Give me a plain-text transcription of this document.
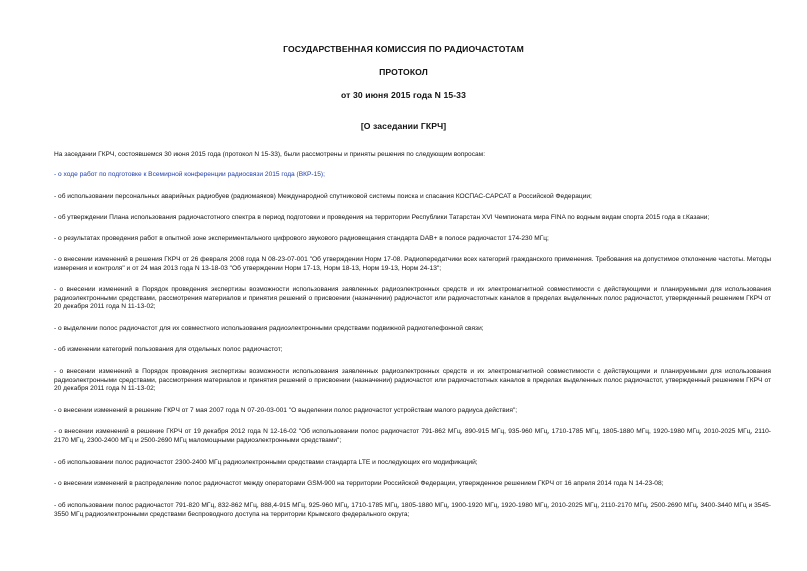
ГОСУДАРСТВЕННАЯ КОМИССИЯ ПО РАДИОЧАСТОТАМ
ПРОТОКОЛ
от 30 июня 2015 года N 15-33
[О заседании ГКРЧ]

На заседании ГКРЧ, состоявшемся 30 июня 2015 года (протокол N 15-33), были рассмотрены и приняты решения по следующим вопросам:

- о ходе работ по подготовке к Всемирной конференции радиосвязи 2015 года (ВКР-15);

- об использовании персональных аварийных радиобуев (радиомаяков) Международной спутниковой системы поиска и спасания КОСПАС-САРСАТ в Российской Федерации;

- об утверждении Плана использования радиочастотного спектра в период подготовки и проведения на территории Республики Татарстан XVI Чемпионата мира FINA по водным видам спорта 2015 года в г.Казани;

- о результатах проведения работ в опытной зоне экспериментального цифрового звукового радиовещания стандарта DAB+ в полосе радиочастот 174-230 МГц;

- о внесении изменений в решения ГКРЧ от 26 февраля 2008 года N 08-23-07-001 "Об утверждении Норм 17-08. Радиопередатчики всех категорий гражданского применения. Требования на допустимое отклонение частоты. Методы измерения и контроля" и от 24 мая 2013 года N 13-18-03 "Об утверждении Норм 17-13, Норм 18-13, Норм 19-13, Норм 24-13";

- о внесении изменений в Порядок проведения экспертизы возможности использования заявленных радиоэлектронных средств и их электромагнитной совместимости с действующими и планируемыми для использования радиоэлектронными средствами, рассмотрения материалов и принятия решений о присвоении (назначении) радиочастот или радиочастотных каналов в пределах выделенных полос радиочастот, утвержденный решением ГКРЧ от 20 декабря 2011 года N 11-13-02;

- о выделении полос радиочастот для их совместного использования радиоэлектронными средствами подвижной радиотелефонной связи;

- об изменении категорий пользования для отдельных полос радиочастот;

- о внесении изменений в Порядок проведения экспертизы возможности использования заявленных радиоэлектронных средств и их электромагнитной совместимости с действующими и планируемыми для использования радиоэлектронными средствами, рассмотрения материалов и принятия решений о присвоении (назначении) радиочастот или радиочастотных каналов в пределах выделенных полос радиочастот, утвержденный решением ГКРЧ от 20 декабря 2011 года N 11-13-02;

- о внесении изменений в решение ГКРЧ от 7 мая 2007 года N 07-20-03-001 "О выделении полос радиочастот устройствам малого радиуса действия";

- о внесении изменений в решение ГКРЧ от 19 декабря 2012 года N 12-16-02 "Об использовании полос радиочастот 791-862 МГц, 890-915 МГц, 935-960 МГц, 1710-1785 МГц, 1805-1880 МГц, 1920-1980 МГц, 2010-2025 МГц, 2110-2170 МГц, 2300-2400 МГц и 2500-2690 МГц маломощными радиоэлектронными средствами";

- об использовании полос радиочастот 2300-2400 МГц радиоэлектронными средствами стандарта LTE и последующих его модификаций;

- о внесении изменений в распределение полос радиочастот между операторами GSM-900 на территории Российской Федерации, утвержденное решением ГКРЧ от 16 апреля 2014 года N 14-23-08;

- об использовании полос радиочастот 791-820 МГц, 832-862 МГц, 888,4-915 МГц, 925-960 МГц, 1710-1785 МГц, 1805-1880 МГц, 1900-1920 МГц, 1920-1980 МГц, 2010-2025 МГц, 2110-2170 МГц, 2500-2690 МГц, 3400-3440 МГц и 3545-3550 МГц радиоэлектронными средствами беспроводного доступа на территории Крымского федерального округа;
